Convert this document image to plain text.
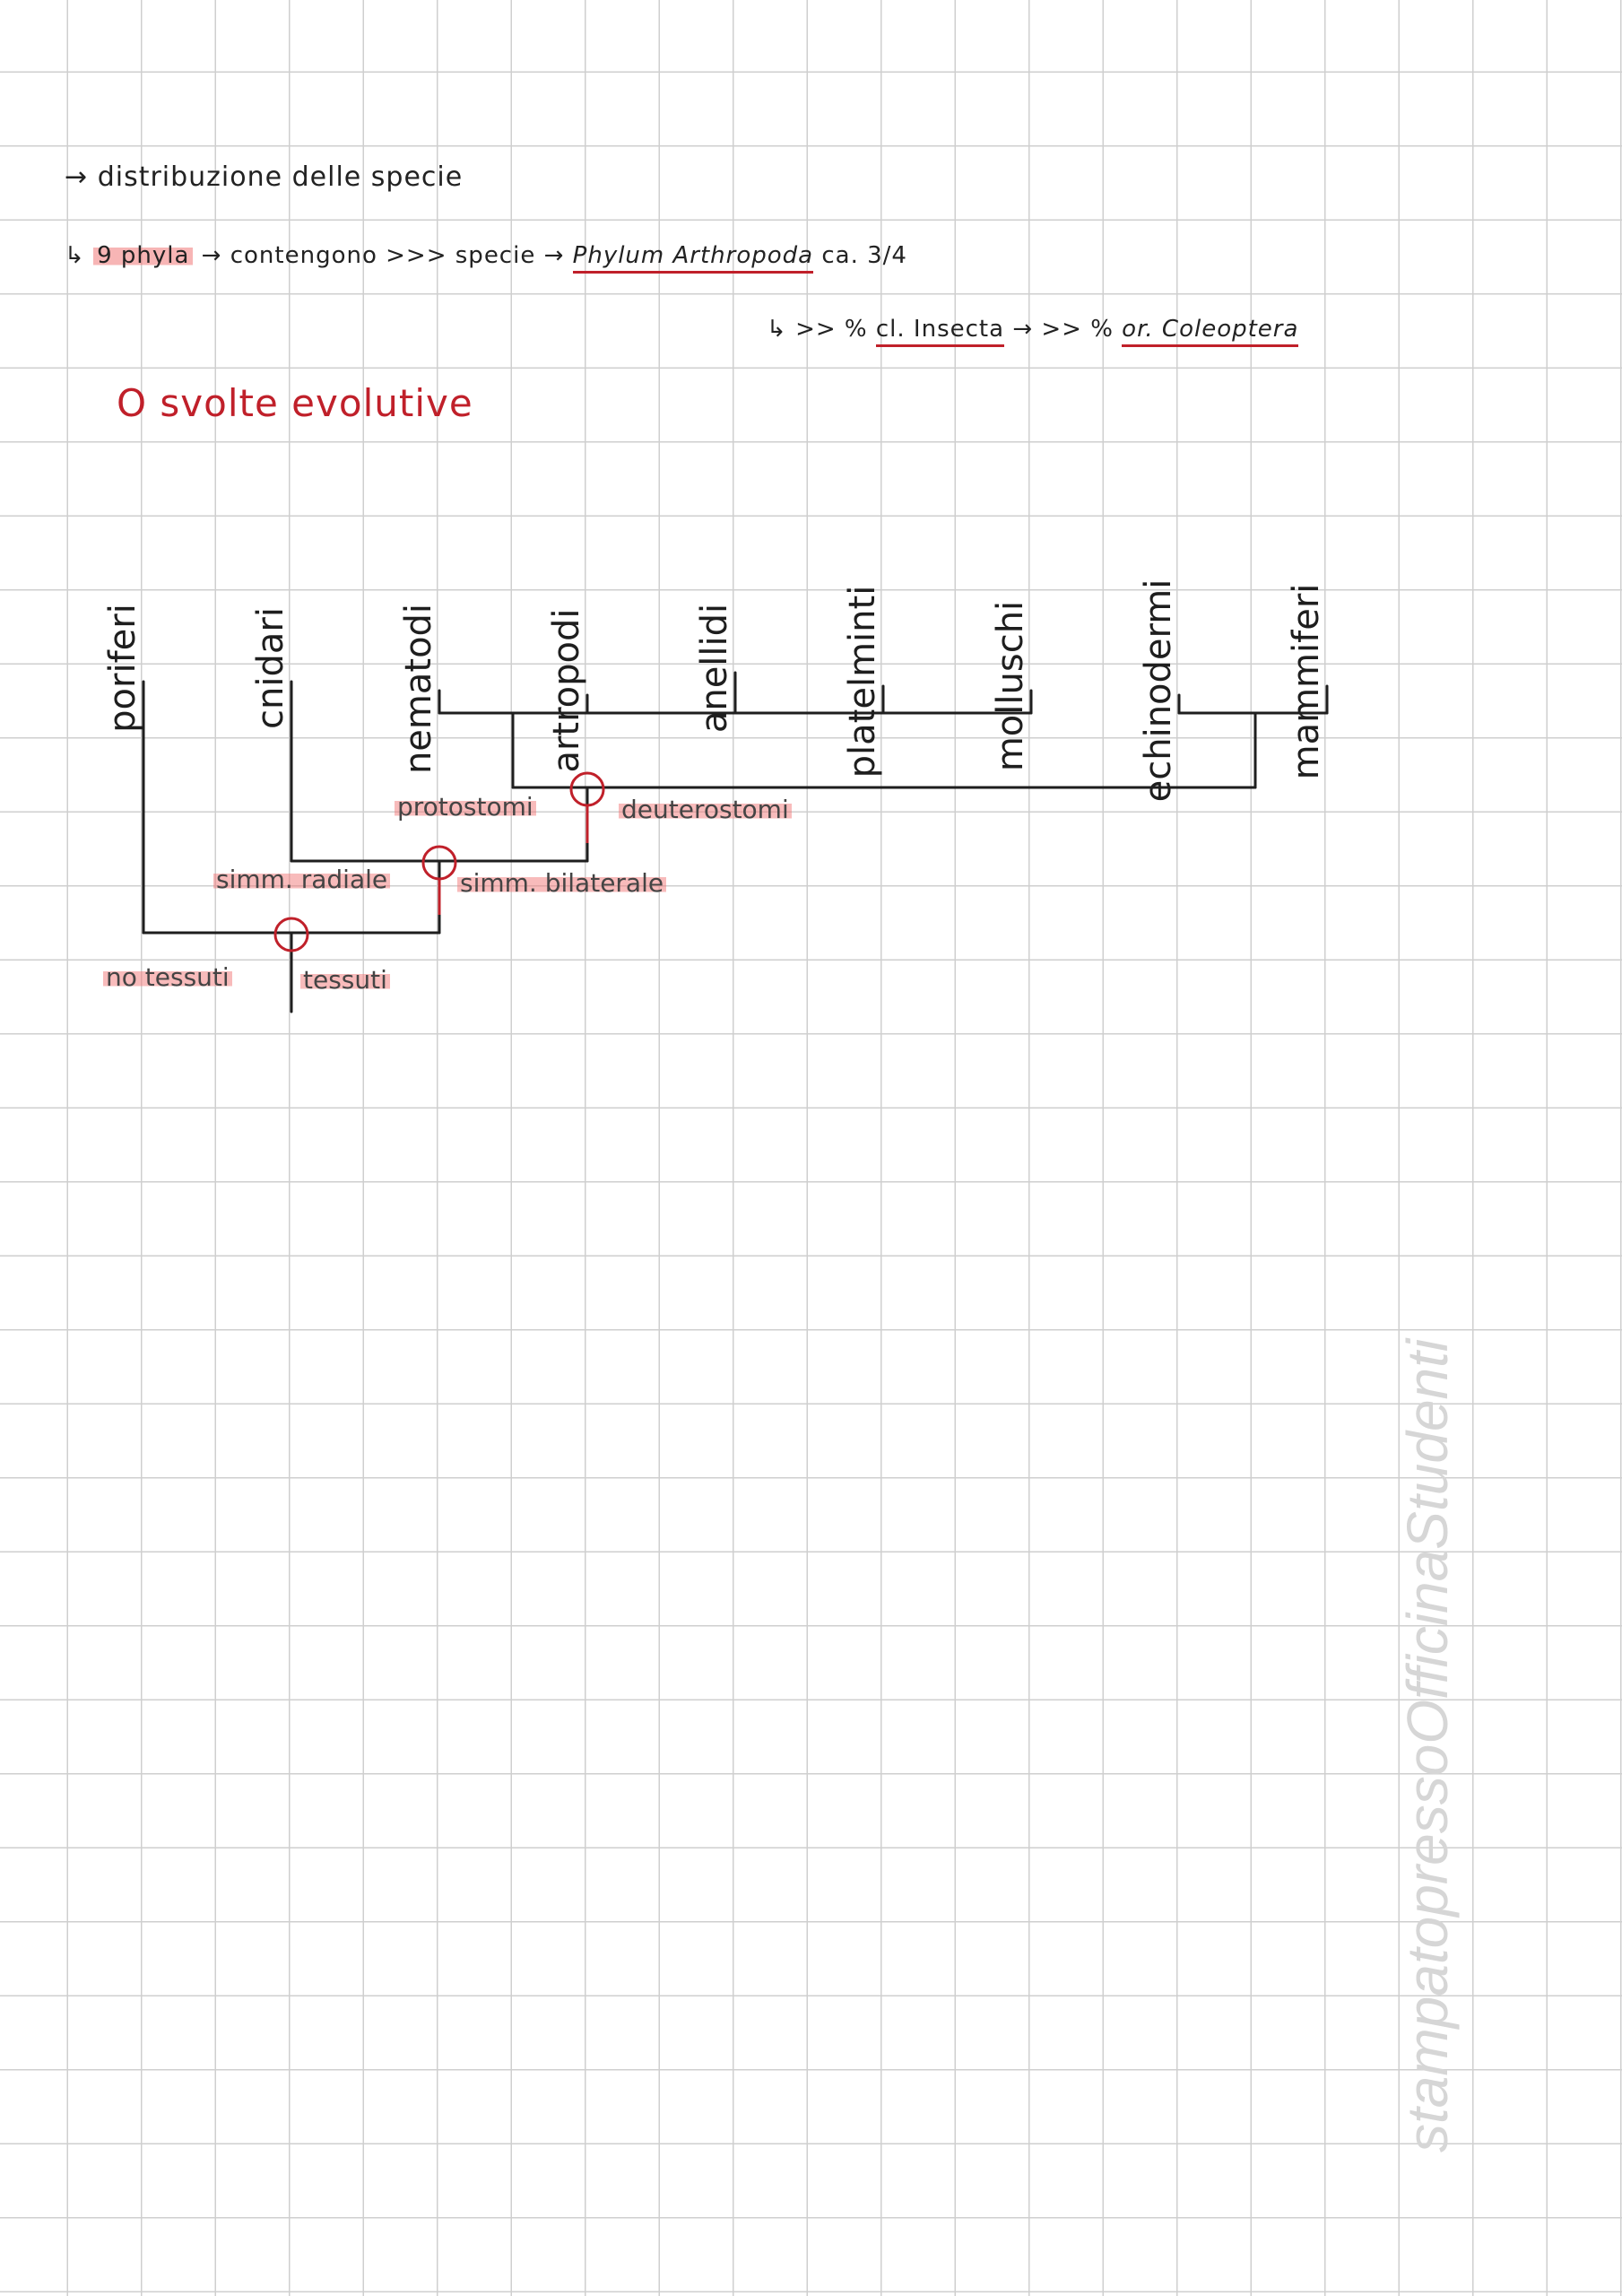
→ distribuzione delle specie
↳ 9 phyla → contengono >>> specie → Phylum Arthropoda ca. 3/4
↳ >> % cl. Insecta → >> % or. Coleoptera
O svolte evolutive
poriferi	cnidari	nematodi	artropodi	anellidi	platelminti	molluschi	echinodermi	mammiferi
protostomi	deuterostomi
simm. radiale	simm. bilaterale
no tessuti	tessuti
stampatopressoOfficinaStudenti
